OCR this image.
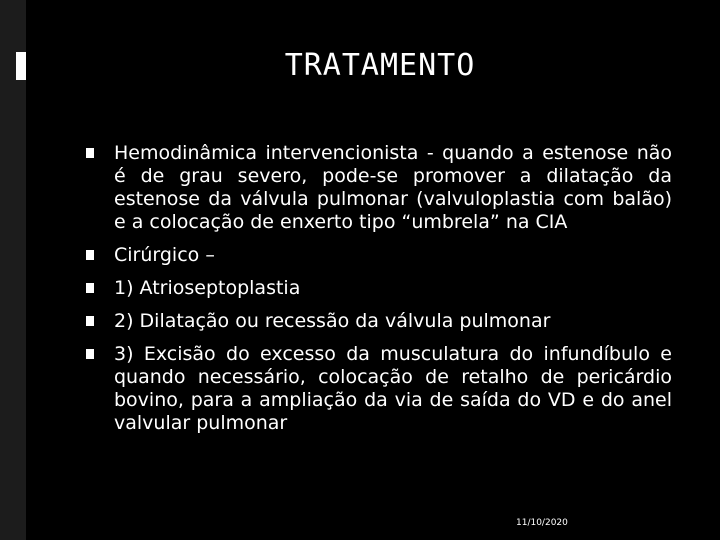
TRATAMENTO
Hemodinâmica intervencionista - quando a estenose não é de grau severo, pode-se promover a dilatação da estenose da válvula pulmonar (valvuloplastia com balão) e a colocação de enxerto tipo “umbrela” na CIA
Cirúrgico –
1) Atrioseptoplastia
2) Dilatação ou recessão da válvula pulmonar
3) Excisão do excesso da musculatura do infundíbulo e quando necessário, colocação de retalho de pericárdio bovino, para a ampliação da via de saída do VD e do anel valvular pulmonar
11/10/2020
